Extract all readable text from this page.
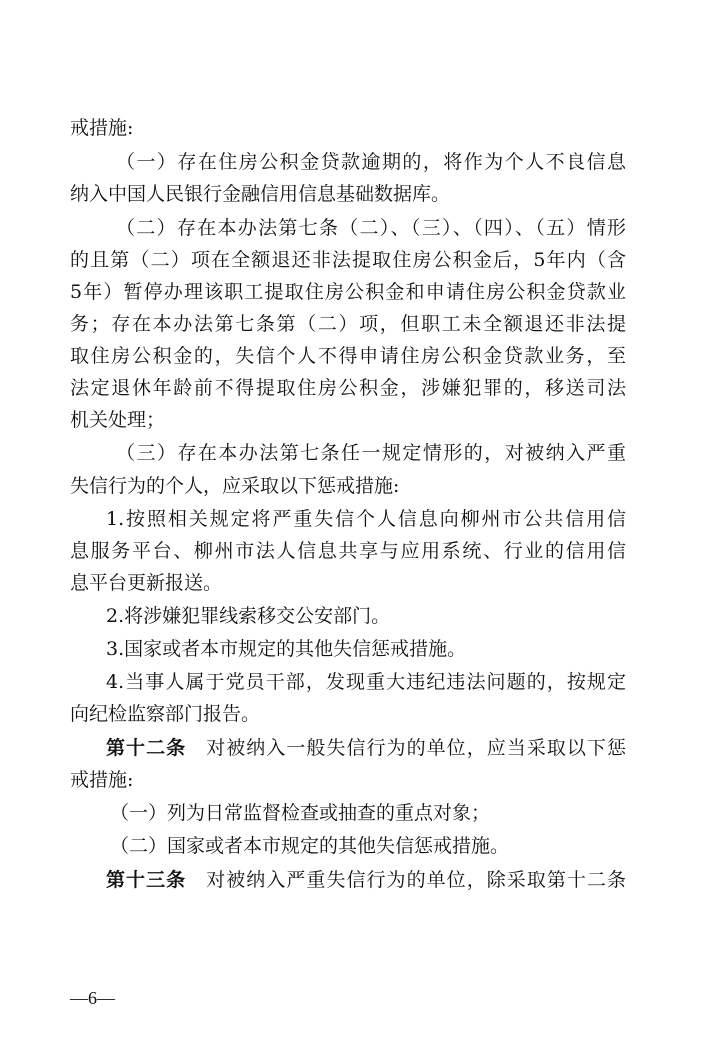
戒措施:
（一）存在住房公积金贷款逾期的，将作为个人不良信息
纳入中国人民银行金融信用信息基础数据库。
（二）存在本办法第七条（二）、（三）、（四）、（五）情形
的且第（二）项在全额退还非法提取住房公积金后，5年内（含
5年）暂停办理该职工提取住房公积金和申请住房公积金贷款业
务；存在本办法第七条第（二）项，但职工未全额退还非法提
取住房公积金的，失信个人不得申请住房公积金贷款业务，至
法定退休年龄前不得提取住房公积金，涉嫌犯罪的，移送司法
机关处理；
（三）存在本办法第七条任一规定情形的，对被纳入严重
失信行为的个人，应采取以下惩戒措施:
1.按照相关规定将严重失信个人信息向柳州市公共信用信
息服务平台、柳州市法人信息共享与应用系统、行业的信用信
息平台更新报送。
2.将涉嫌犯罪线索移交公安部门。
3.国家或者本市规定的其他失信惩戒措施。
4.当事人属于党员干部，发现重大违纪违法问题的，按规定
向纪检监察部门报告。
第十二条　 对被纳入一般失信行为的单位，应当采取以下惩
戒措施:
（一）列为日常监督检查或抽查的重点对象；
（二）国家或者本市规定的其他失信惩戒措施。
第十三条　 对被纳入严重失信行为的单位，除采取第十二条
—6—
